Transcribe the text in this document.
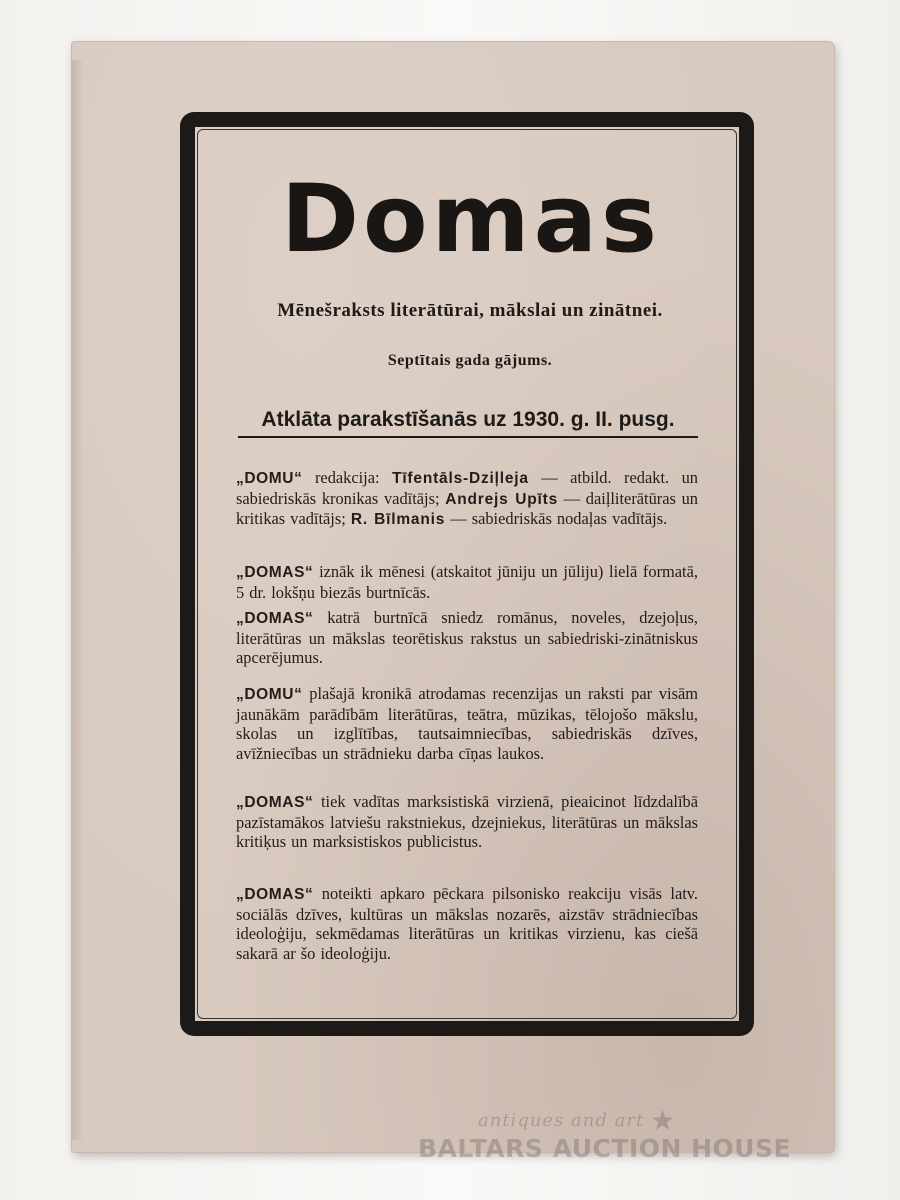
Domas
Mēnešraksts literātūrai, mākslai un zinātnei.
Septītais gada gājums.
Atklāta parakstīšanās uz 1930. g. II. pusg.
„DOMU“ redakcija: Tīfentāls-Dziļleja — atbild. redakt. un sabiedriskās kronikas vadītājs; Andrejs Upīts — daiļliterātūras un kritikas vadītājs; R. Bīlmanis — sabiedriskās nodaļas vadītājs.
„DOMAS“ iznāk ik mēnesi (atskaitot jūniju un jūliju) lielā formatā, 5 dr. lokšņu biezās burtnīcās.
„DOMAS“ katrā burtnīcā sniedz romānus, noveles, dzejoļus, literātūras un mākslas teorētiskus rakstus un sabiedriski-zinātniskus apcerējumus.
„DOMU“ plašajā kronikā atrodamas recenzijas un raksti par visām jaunākām parādībām literātūras, teātra, mūzikas, tēlojošo mākslu, skolas un izglītības, tautsaimniecības, sabiedriskās dzīves, avīžniecības un strādnieku darba cīņas laukos.
„DOMAS“ tiek vadītas marksistiskā virzienā, pieaicinot līdzdalībā pazīstamākos latviešu rakstniekus, dzejniekus, literātūras un mākslas kritiķus un marksistiskos publicistus.
„DOMAS“ noteikti apkaro pēckara pilsonisko reakciju visās latv. sociālās dzīves, kultūras un mākslas nozarēs, aizstāv strādniecības ideoloģiju, sekmēdamas literātūras un kritikas virzienu, kas ciešā sakarā ar šo ideoloģiju.
antiques and art ★
BALTARS AUCTION HOUSE
